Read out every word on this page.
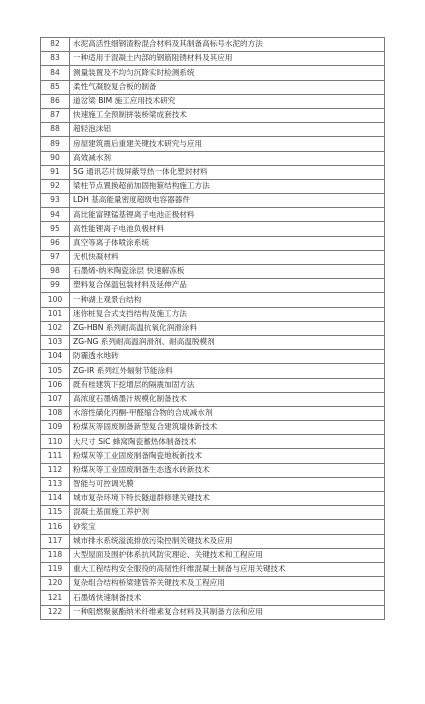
82	水泥高活性细钢渣粉混合材料及其制备高标号水泥的方法
83	一种适用于混凝土内部的钢筋阻锈材料及其应用
84	测量装置及不均匀沉降实时检测系统
85	柔性气凝胶复合板的制备
86	道岔梁 BIM 施工应用技术研究
87	快速施工全预制拼装桥梁成套技术
88	超轻泡沫铝
89	房屋建筑震后重建关键技术研究与应用
90	高效减水剂
91	5G 通讯芯片级屏蔽导热一体化塑封材料
92	梁柱节点置换超前加固拖箍结构施工方法
93	LDH 基高能量密度超级电容器器件
94	高比能富锂锰基锂离子电池正极材料
95	高性能锂离子电池负极材料
96	真空等离子体喷涂系统
97	无机快凝材料
98	石墨烯-纳米陶瓷涂层 快速解冻板
99	塑料复合保温包装材料及延伸产品
100	一种湖上观景台结构
101	迷你桩复合式支挡结构及施工方法
102	ZG-HBN 系列耐高温抗氧化润滑涂料
103	ZG-NG 系列耐高温润滑剂、耐高温脱模剂
104	防霾透水地砖
105	ZG-IR 系列红外辐射节能涂料
106	既有桂建筑下挖增层的隔震加固方法
107	高浓度石墨烯墨汁规模化制备技术
108	水溶性磺化丙酮-甲醛缩合物的合成减水剂
109	粉煤灰等固废制备新型复合建筑墙体新技术
110	大尺寸 SiC 蜂窝陶瓷蓄热体制备技术
111	粉煤灰等工业固废制备陶瓷地板新技术
112	粉煤灰等工业固废制备生态透水砖新技术
113	智能与可控调光膜
114	城市复杂环境下特长隧道群修建关键技术
115	混凝土基面施工养护剂
116	砂浆宝
117	城市排水系统溢流排放污染控制关键技术及应用
118	大型屋面及围护体系抗风防灾理论、关键技术和工程应用
119	重大工程结构安全服役的高韧性纤维混凝土制备与应用关键技术
120	复杂组合结构桥梁建管养关键技术及工程应用
121	石墨烯快速制备技术
122	一种阻燃聚氨酯纳米纤维素复合材料及其制备方法和应用
